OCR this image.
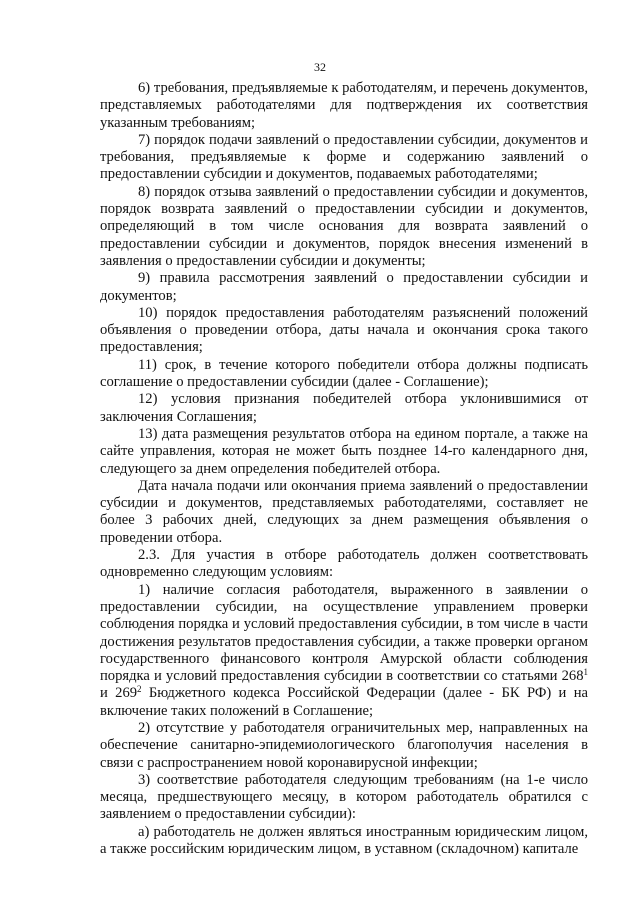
32

6) требования, предъявляемые к работодателям, и перечень документов, представляемых работодателями для подтверждения их соответствия указанным требованиям;

7) порядок подачи заявлений о предоставлении субсидии, документов и требования, предъявляемые к форме и содержанию заявлений о предоставлении субсидии и документов, подаваемых работодателями;

8) порядок отзыва заявлений о предоставлении субсидии и документов, порядок возврата заявлений о предоставлении субсидии и документов, определяющий в том числе основания для возврата заявлений о предоставлении субсидии и документов, порядок внесения изменений в заявления о предоставлении субсидии и документы;

9) правила рассмотрения заявлений о предоставлении субсидии и документов;

10) порядок предоставления работодателям разъяснений положений объявления о проведении отбора, даты начала и окончания срока такого предоставления;

11) срок, в течение которого победители отбора должны подписать соглашение о предоставлении субсидии (далее - Соглашение);

12) условия признания победителей отбора уклонившимися от заключения Соглашения;

13) дата размещения результатов отбора на едином портале, а также на сайте управления, которая не может быть позднее 14-го календарного дня, следующего за днем определения победителей отбора.

Дата начала подачи или окончания приема заявлений о предоставлении субсидии и документов, представляемых работодателями, составляет не более 3 рабочих дней, следующих за днем размещения объявления о проведении отбора.

2.3. Для участия в отборе работодатель должен соответствовать одновременно следующим условиям:

1) наличие согласия работодателя, выраженного в заявлении о предоставлении субсидии, на осуществление управлением проверки соблюдения порядка и условий предоставления субсидии, в том числе в части достижения результатов предоставления субсидии, а также проверки органом государственного финансового контроля Амурской области соблюдения порядка и условий предоставления субсидии в соответствии со статьями $268^1$ и $269^2$ Бюджетного кодекса Российской Федерации (далее - БК РФ) и на включение таких положений в Соглашение;

2) отсутствие у работодателя ограничительных мер, направленных на обеспечение санитарно-эпидемиологического благополучия населения в связи с распространением новой коронавирусной инфекции;

3) соответствие работодателя следующим требованиям (на 1-е число месяца, предшествующего месяцу, в котором работодатель обратился с заявлением о предоставлении субсидии):

а) работодатель не должен являться иностранным юридическим лицом, а также российским юридическим лицом, в уставном (складочном) капитале
